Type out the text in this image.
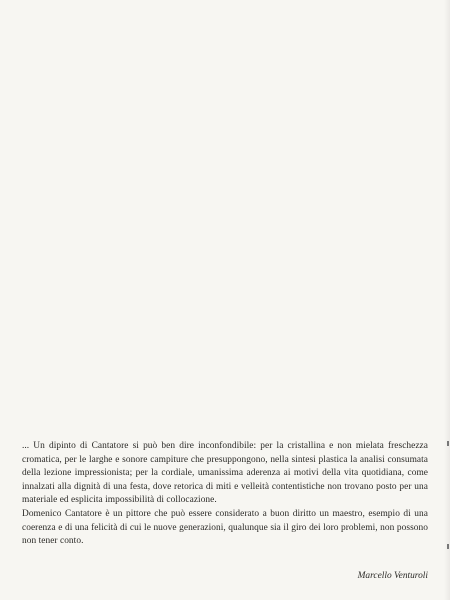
... Un dipinto di Cantatore si può ben dire inconfondibile: per la cristallina e non mielata freschezza cromatica, per le larghe e sonore campiture che presuppongono, nella sintesi plastica la analisi consumata della lezione impressionista; per la cordiale, umanissima aderenza ai motivi della vita quotidiana, come innalzati alla dignità di una festa, dove retorica di miti e velleità contentistiche non trovano posto per una materiale ed esplicita impossibilità di collocazione.

Domenico Cantatore è un pittore che può essere considerato a buon diritto un maestro, esempio di una coerenza e di una felicità di cui le nuove generazioni, qualunque sia il giro dei loro problemi, non possono non tener conto.

Marcello Venturoli
